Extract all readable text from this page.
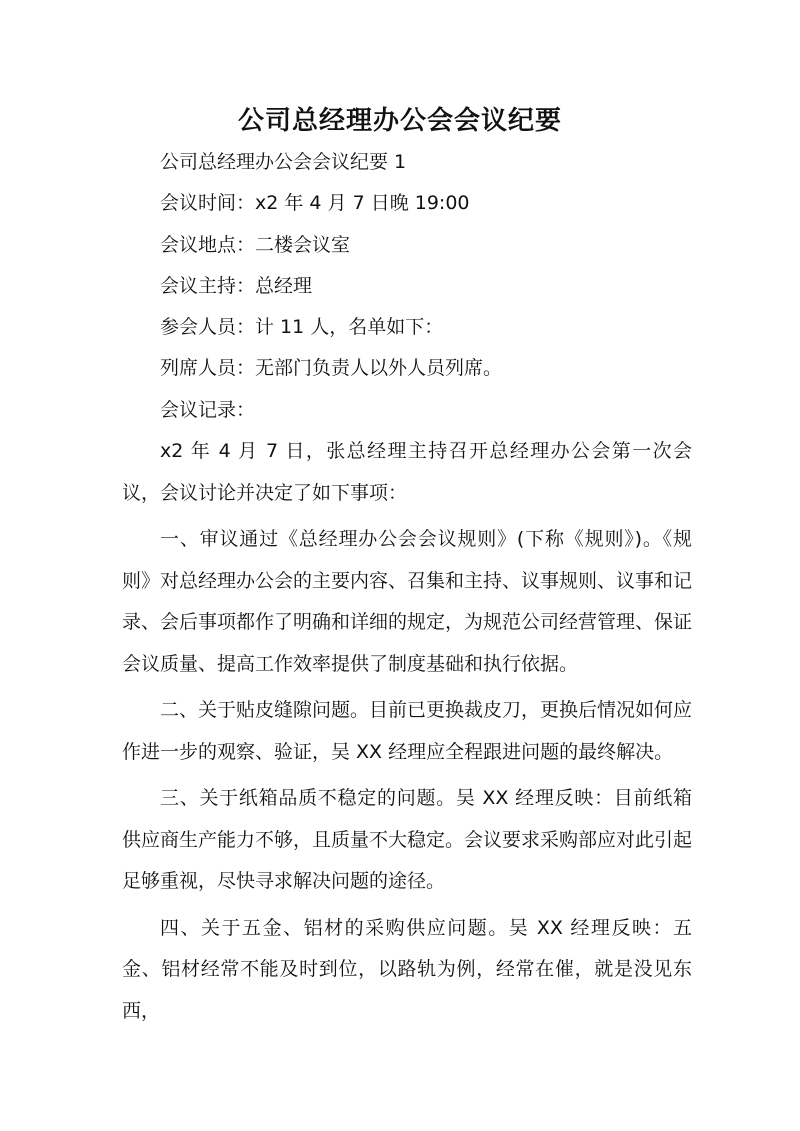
公司总经理办公会会议纪要

公司总经理办公会会议纪要 1

会议时间：x2 年 4 月 7 日晚 19:00

会议地点：二楼会议室

会议主持：总经理

参会人员：计 11 人，名单如下：

列席人员：无部门负责人以外人员列席。

会议记录：

x2 年 4 月 7 日，张总经理主持召开总经理办公会第一次会议，会议讨论并决定了如下事项：

一、审议通过《总经理办公会会议规则》(下称《规则》)。《规则》对总经理办公会的主要内容、召集和主持、议事规则、议事和记录、会后事项都作了明确和详细的规定，为规范公司经营管理、保证会议质量、提高工作效率提供了制度基础和执行依据。

二、关于贴皮缝隙问题。目前已更换裁皮刀，更换后情况如何应作进一步的观察、验证，吴 XX 经理应全程跟进问题的最终解决。

三、关于纸箱品质不稳定的问题。吴 XX 经理反映：目前纸箱供应商生产能力不够，且质量不大稳定。会议要求采购部应对此引起足够重视，尽快寻求解决问题的途径。

四、关于五金、铝材的采购供应问题。吴 XX 经理反映：五金、铝材经常不能及时到位，以路轨为例，经常在催，就是没见东西，
